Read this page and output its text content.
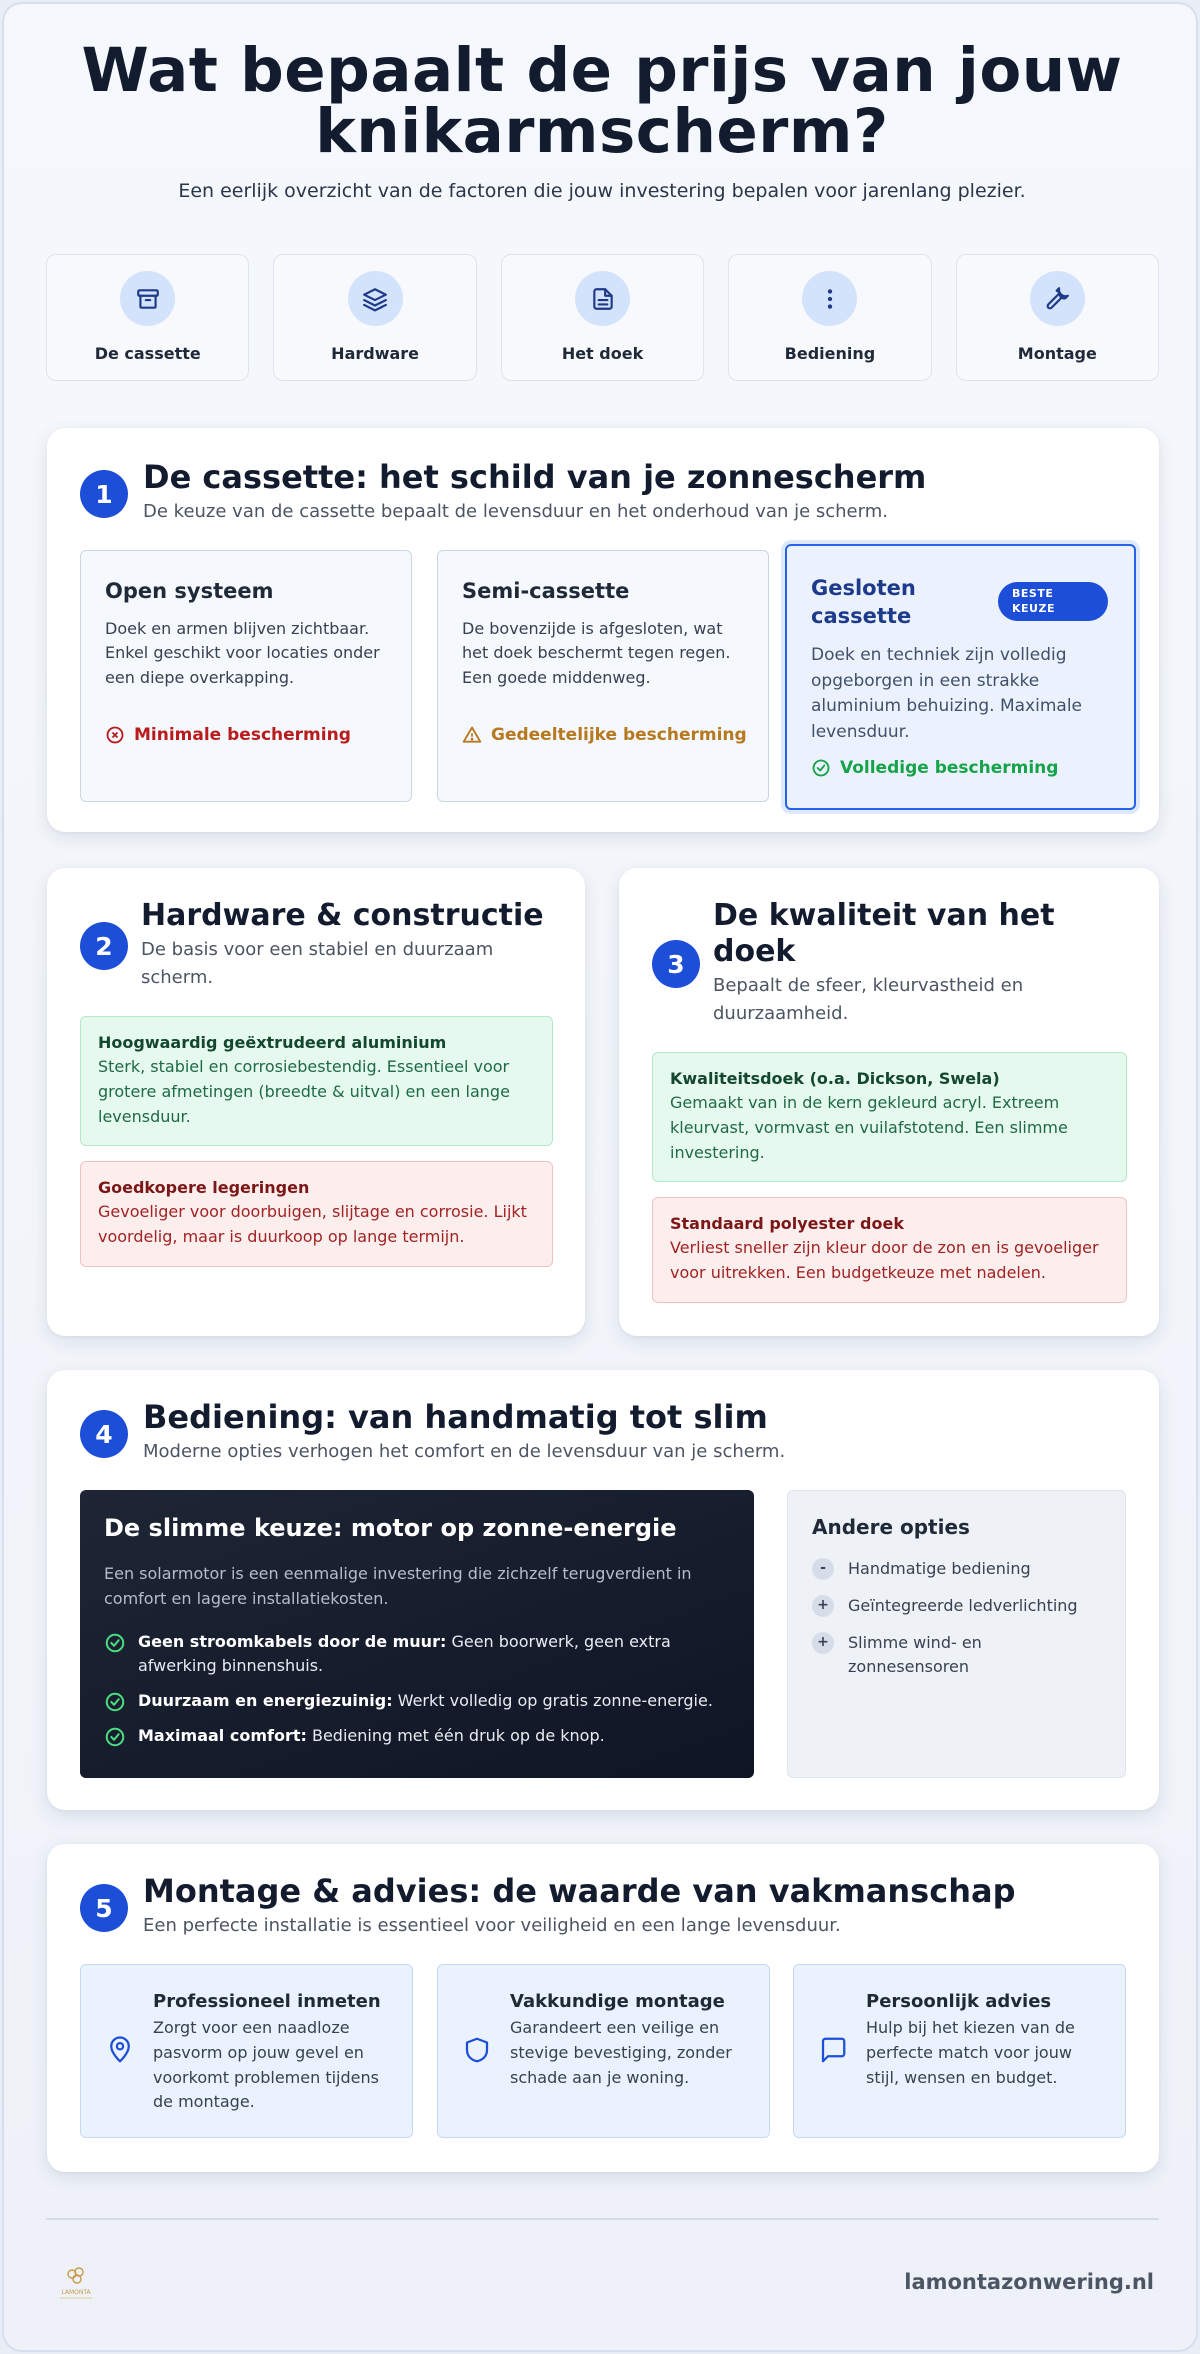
Wat bepaalt de prijs van jouw
knikarmscherm?
Een eerlijk overzicht van de factoren die jouw investering bepalen voor jarenlang plezier.
De cassette	Hardware	Het doek	Bediening	Montage
1 De cassette: het schild van je zonnescherm
De keuze van de cassette bepaalt de levensduur en het onderhoud van je scherm.
Open systeem

Doek en armen blijven zichtbaar. Enkel geschikt voor locaties onder een diepe overkapping.

Minimale bescherming
Semi-cassette

De bovenzijde is afgesloten, wat het doek beschermt tegen regen. Een goede middenweg.

Gedeeltelijke bescherming
Gesloten cassette
BESTE KEUZE

Doek en techniek zijn volledig opgeborgen in een strakke aluminium behuizing. Maximale levensduur.

Volledige bescherming
2
Hardware & constructie
De basis voor een stabiel en duurzaam scherm.
Hoogwaardig geëxtrudeerd aluminium

Sterk, stabiel en corrosiebestendig. Essentieel voor grotere afmetingen (breedte & uitval) en een lange levensduur.

Goedkopere legeringen

Gevoeliger voor doorbuigen, slijtage en corrosie. Lijkt voordelig, maar is duurkoop op lange termijn.

3
De kwaliteit van het doek
Bepaalt de sfeer, kleurvastheid en duurzaamheid.
Kwaliteitsdoek (o.a. Dickson, Swela)

Gemaakt van in de kern gekleurd acryl. Extreem kleurvast, vormvast en vuilafstotend. Een slimme investering.

Standaard polyester doek

Verliest sneller zijn kleur door de zon en is gevoeliger voor uitrekken. Een budgetkeuze met nadelen.

4 Bediening: van handmatig tot slim
Moderne opties verhogen het comfort en de levensduur van je scherm.
De slimme keuze: motor op zonne-energie

Een solarmotor is een eenmalige investering die zichzelf terugverdient in comfort en lagere installatiekosten.

Geen stroomkabels door de muur: Geen boorwerk, geen extra afwerking binnenshuis.
Duurzaam en energiezuinig: Werkt volledig op gratis zonne-energie.
Maximaal comfort: Bediening met één druk op de knop.
Andere opties
-	Handmatige bediening
+	Geïntegreerde ledverlichting
+	Slimme wind- en zonnesensoren
5 Montage & advies: de waarde van vakmanschap
Een perfecte installatie is essentieel voor veiligheid en een lange levensduur.
Professioneel inmeten

Zorgt voor een naadloze pasvorm op jouw gevel en voorkomt problemen tijdens de montage.

Vakkundige montage

Garandeert een veilige en stevige bevestiging, zonder schade aan je woning.

Persoonlijk advies

Hulp bij het kiezen van de perfecte match voor jouw stijl, wensen en budget.

LAMONTA	lamontazonwering.nl
